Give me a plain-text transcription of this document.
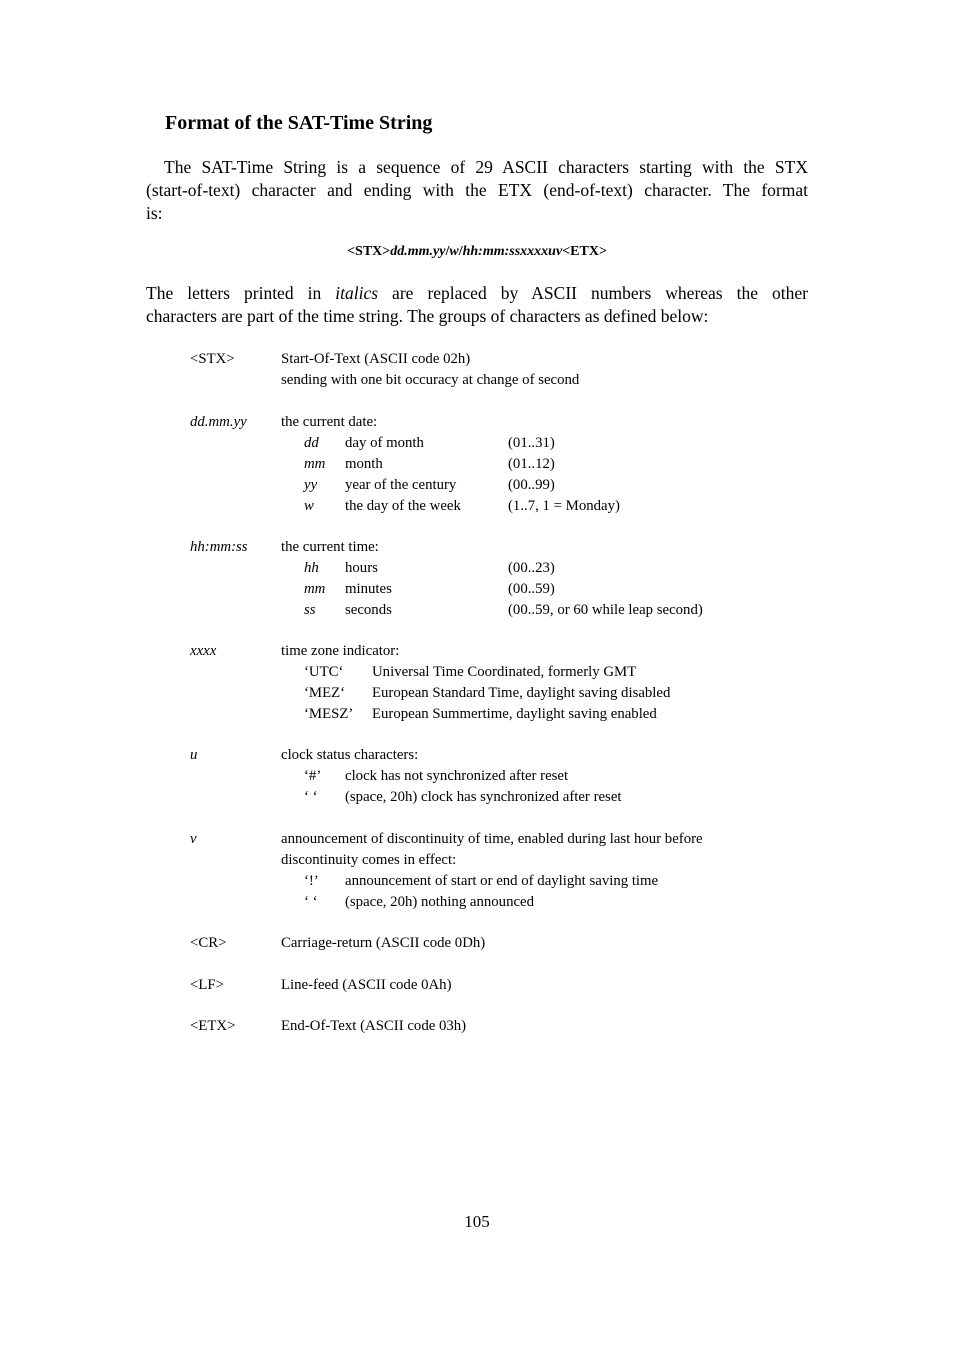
Format of the SAT-Time String
The SAT-Time String is a sequence of 29 ASCII characters starting with the STX
(start-of-text) character and ending with the ETX (end-of-text) character. The format
is:
<STX>dd.mm.yy/w/hh:mm:ssxxxxuv<ETX>
The letters printed in italics are replaced by ASCII numbers whereas the other
characters are part of the time string. The groups of characters as defined below:
<STX>	Start-Of-Text (ASCII code 02h)
sending with one bit occuracy at change of second
dd.mm.yy the current date:
dd day of month	(01..31)
mm month	(01..12)
yy year of the century	(00..99)
w the day of the week	(1..7, 1 = Monday)
hh:mm:ss the current time:
hh hours	(00..23)
mm minutes	(00..59)
ss seconds	(00..59, or 60 while leap second)
xxxx	time zone indicator:
‘UTC‘ Universal Time Coordinated, formerly GMT
‘MEZ‘ European Standard Time, daylight saving disabled
‘MESZ’ European Summertime, daylight saving enabled
u	clock status characters:
‘#’ clock has not synchronized after reset
‘ ‘ (space, 20h) clock has synchronized after reset
v	announcement of discontinuity of time, enabled during last hour before
discontinuity comes in effect:
‘!’ announcement of start or end of daylight saving time
‘ ‘ (space, 20h) nothing announced
<CR>	Carriage-return (ASCII code 0Dh)
<LF>	Line-feed (ASCII code 0Ah)
<ETX>	End-Of-Text (ASCII code 03h)
105
